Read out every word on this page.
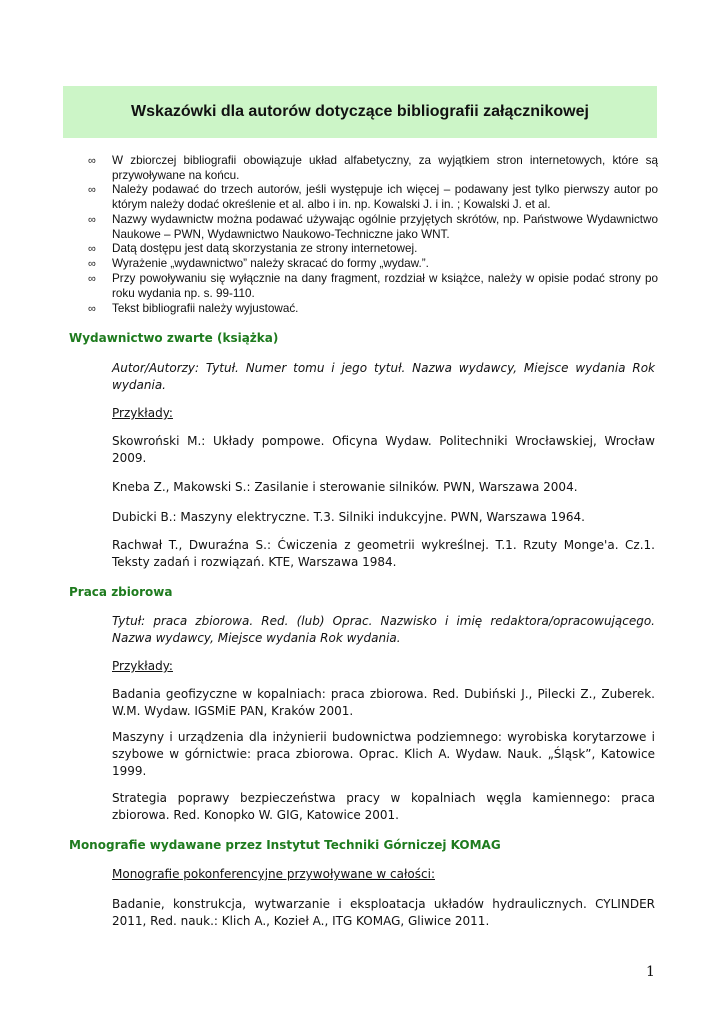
Wskazówki dla autorów dotyczące bibliografii załącznikowej
∞ W zbiorczej bibliografii obowiązuje układ alfabetyczny, za wyjątkiem stron internetowych, które są przywoływane na końcu.
∞ Należy podawać do trzech autorów, jeśli występuje ich więcej – podawany jest tylko pierwszy autor po którym należy dodać określenie et al. albo i in. np. Kowalski J. i in. ; Kowalski J. et al.
∞ Nazwy wydawnictw można podawać używając ogólnie przyjętych skrótów, np. Państwowe Wydawnictwo Naukowe – PWN, Wydawnictwo Naukowo-Techniczne jako WNT.
∞ Datą dostępu jest datą skorzystania ze strony internetowej.
∞ Wyrażenie „wydawnictwo” należy skracać do formy „wydaw.”.
∞ Przy powoływaniu się wyłącznie na dany fragment, rozdział w książce, należy w opisie podać strony po roku wydania np. s. 99-110.
∞ Tekst bibliografii należy wyjustować.
Wydawnictwo zwarte (książka)

Autor/Autorzy: Tytuł. Numer tomu i jego tytuł. Nazwa wydawcy, Miejsce wydania Rok wydania.

Przykłady:

Skowroński M.: Układy pompowe. Oficyna Wydaw. Politechniki Wrocławskiej, Wrocław 2009.

Kneba Z., Makowski S.: Zasilanie i sterowanie silników. PWN, Warszawa 2004.

Dubicki B.: Maszyny elektryczne. T.3. Silniki indukcyjne. PWN, Warszawa 1964.

Rachwał T., Dwuraźna S.: Ćwiczenia z geometrii wykreślnej. T.1. Rzuty Monge'a. Cz.1. Teksty zadań i rozwiązań. KTE, Warszawa 1984.

Praca zbiorowa

Tytuł: praca zbiorowa. Red. (lub) Oprac. Nazwisko i imię redaktora/opracowującego. Nazwa wydawcy, Miejsce wydania Rok wydania.

Przykłady:

Badania geofizyczne w kopalniach: praca zbiorowa. Red. Dubiński J., Pilecki Z., Zuberek. W.M. Wydaw. IGSMiE PAN, Kraków 2001.

Maszyny i urządzenia dla inżynierii budownictwa podziemnego: wyrobiska korytarzowe i szybowe w górnictwie: praca zbiorowa. Oprac. Klich A. Wydaw. Nauk. „Śląsk”, Katowice 1999.

Strategia poprawy bezpieczeństwa pracy w kopalniach węgla kamiennego: praca zbiorowa. Red. Konopko W. GIG, Katowice 2001.

Monografie wydawane przez Instytut Techniki Górniczej KOMAG

Monografie pokonferencyjne przywoływane w całości:

Badanie, konstrukcja, wytwarzanie i eksploatacja układów hydraulicznych. CYLINDER 2011, Red. nauk.: Klich A., Kozieł A., ITG KOMAG, Gliwice 2011.

1
